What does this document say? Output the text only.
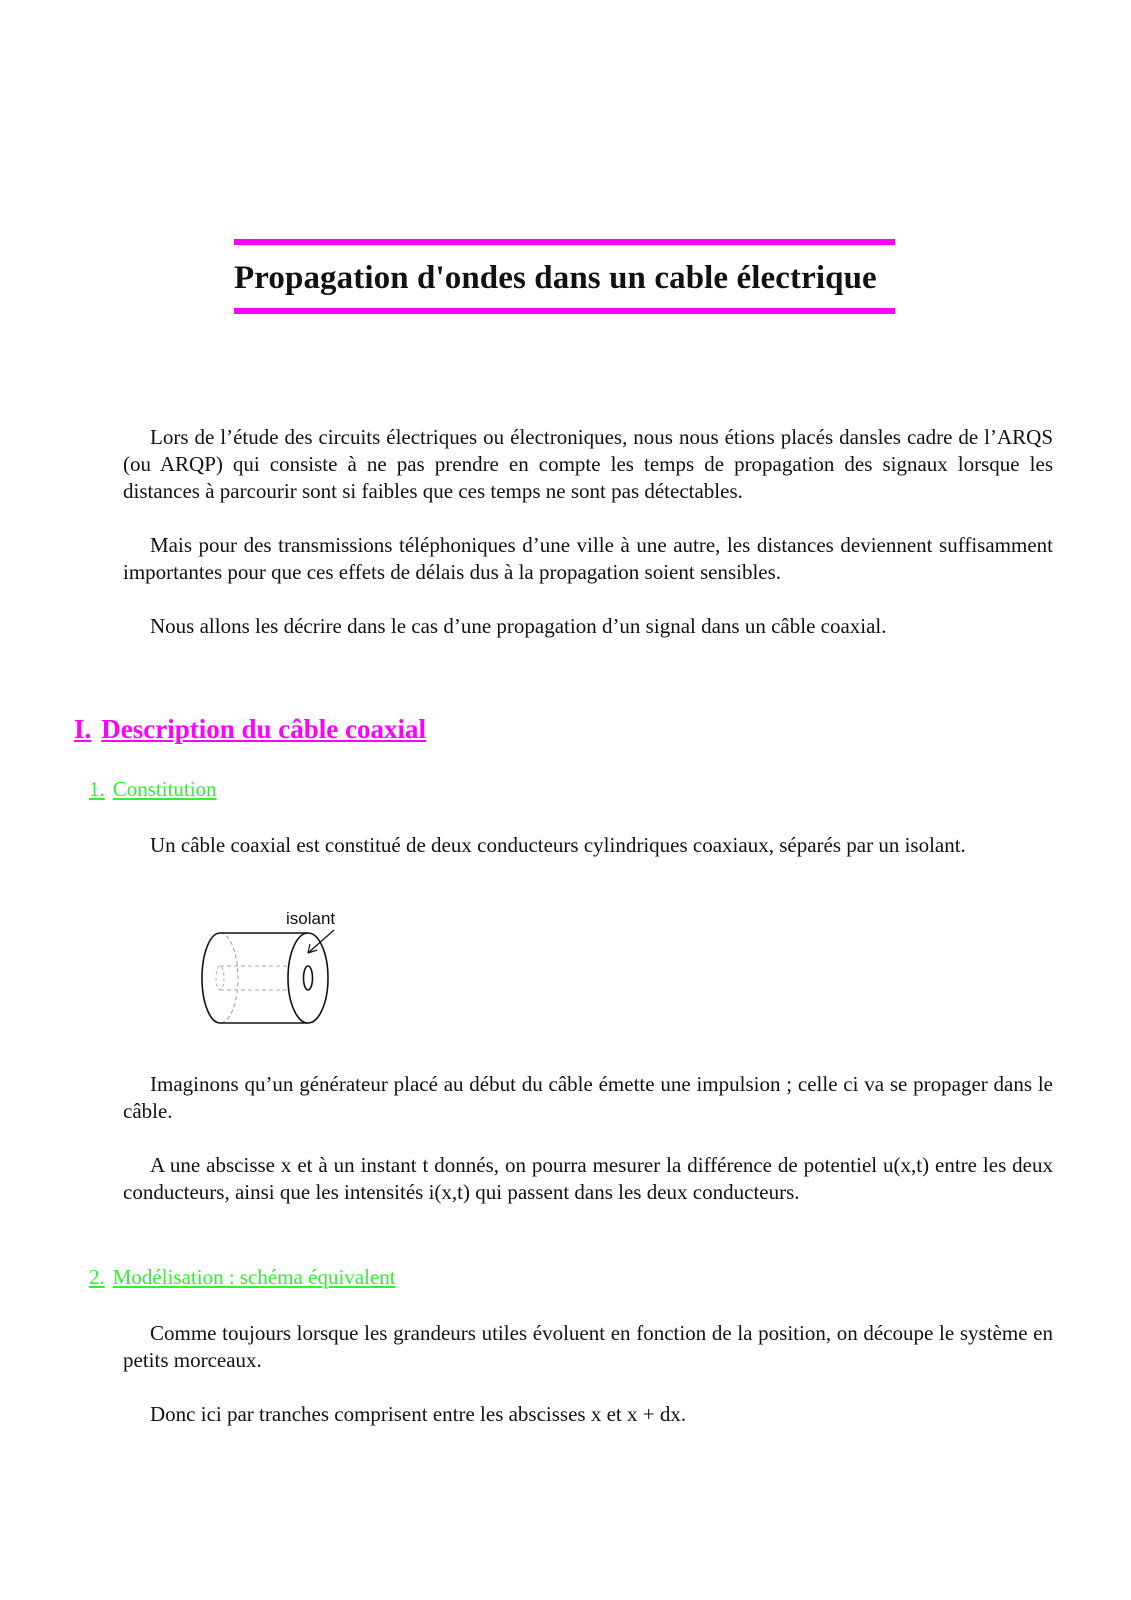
Propagation d'ondes dans un cable électrique

Lors de l’étude des circuits électriques ou électroniques, nous nous étions placés dansles cadre de l’ARQS (ou ARQP) qui consiste à ne pas prendre en compte les temps de propagation des signaux lorsque les distances à parcourir sont si faibles que ces temps ne sont pas détectables.

Mais pour des transmissions téléphoniques d’une ville à une autre, les distances deviennent suffisamment importantes pour que ces effets de délais dus à la propagation soient sensibles.

Nous allons les décrire dans le cas d’une propagation d’un signal dans un câble coaxial.

I. Description du câble coaxial
1. Constitution

Un câble coaxial est constitué de deux conducteurs cylindriques coaxiaux, séparés par un isolant.

isolant

Imaginons qu’un générateur placé au début du câble émette une impulsion ; celle ci va se propager dans le câble.

A une abscisse x et à un instant t donnés, on pourra mesurer la différence de potentiel u(x,t) entre les deux conducteurs, ainsi que les intensités i(x,t) qui passent dans les deux conducteurs.

2. Modélisation : schéma équivalent

Comme toujours lorsque les grandeurs utiles évoluent en fonction de la position, on découpe le système en petits morceaux.

Donc ici par tranches comprisent entre les abscisses x et x + dx.
